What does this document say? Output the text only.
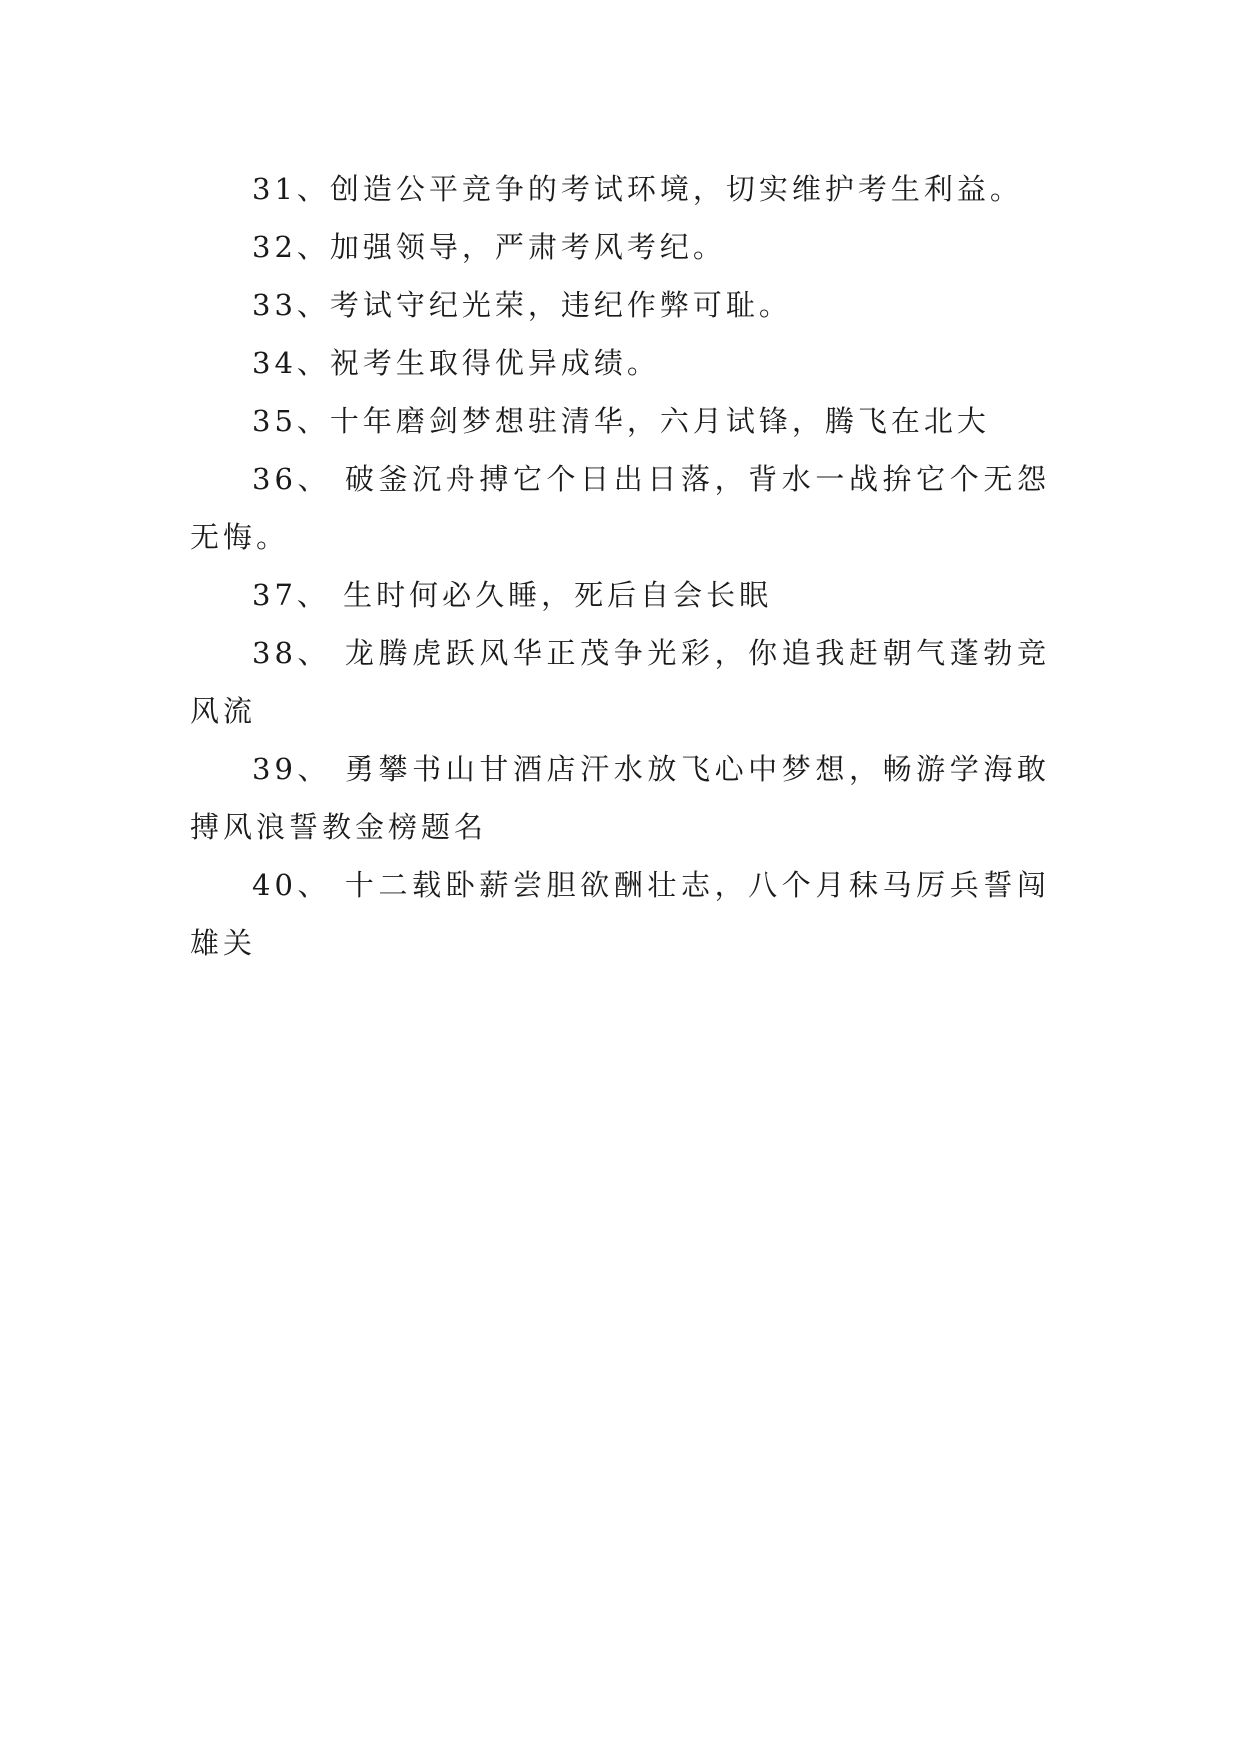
31、创造公平竞争的考试环境，切实维护考生利益。

32、加强领导，严肃考风考纪。

33、考试守纪光荣，违纪作弊可耻。

34、祝考生取得优异成绩。

35、十年磨剑梦想驻清华，六月试锋，腾飞在北大

36、 破釜沉舟搏它个日出日落，背水一战拚它个无怨无悔。

37、 生时何必久睡，死后自会长眠

38、 龙腾虎跃风华正茂争光彩，你追我赶朝气蓬勃竞风流

39、 勇攀书山甘酒店汗水放飞心中梦想，畅游学海敢搏风浪誓教金榜题名

40、 十二载卧薪尝胆欲酬壮志，八个月秣马厉兵誓闯雄关
